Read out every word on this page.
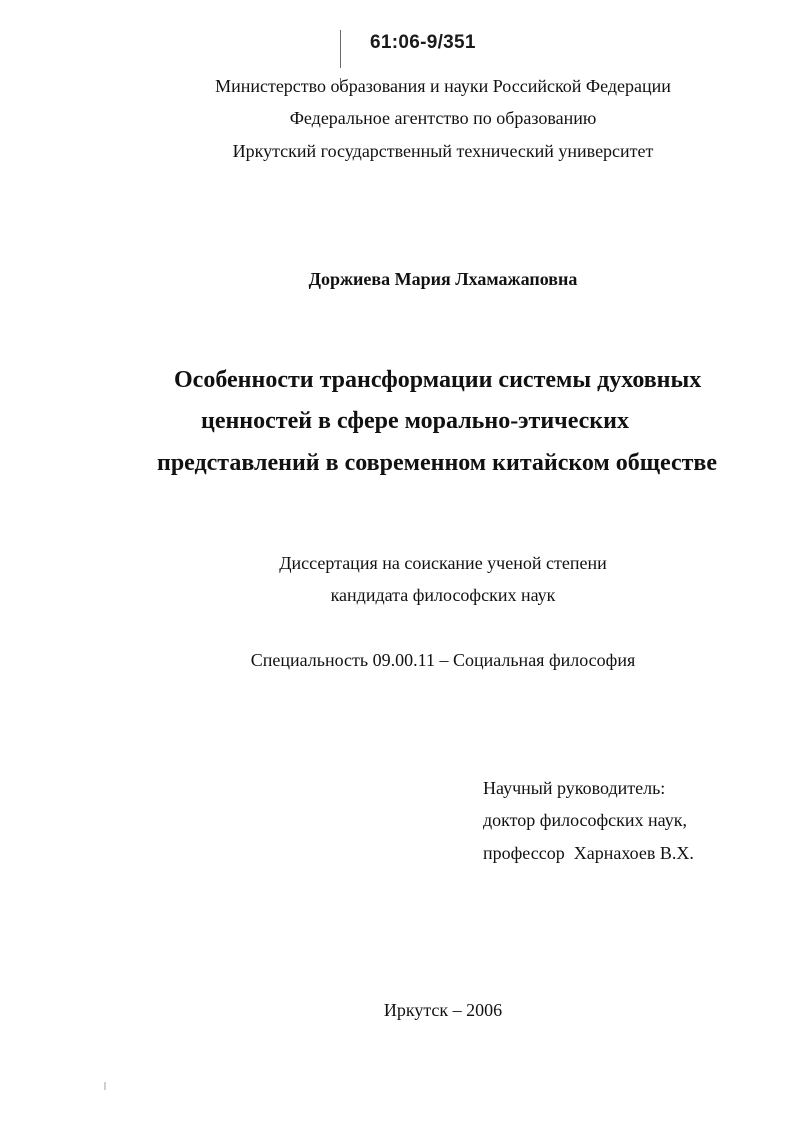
61:06-9/351
Министерство образования и науки Российской Федерации
Федеральное агентство по образованию
Иркутский государственный технический университет
Доржиева Мария Лхамажаповна
Особенности трансформации системы духовных
ценностей в сфере морально-этических
представлений в современном китайском обществе
Диссертация на соискание ученой степени
кандидата философских наук
Специальность 09.00.11 – Социальная философия
Научный руководитель:
доктор философских наук,
профессор  Харнахоев В.Х.
Иркутск – 2006
